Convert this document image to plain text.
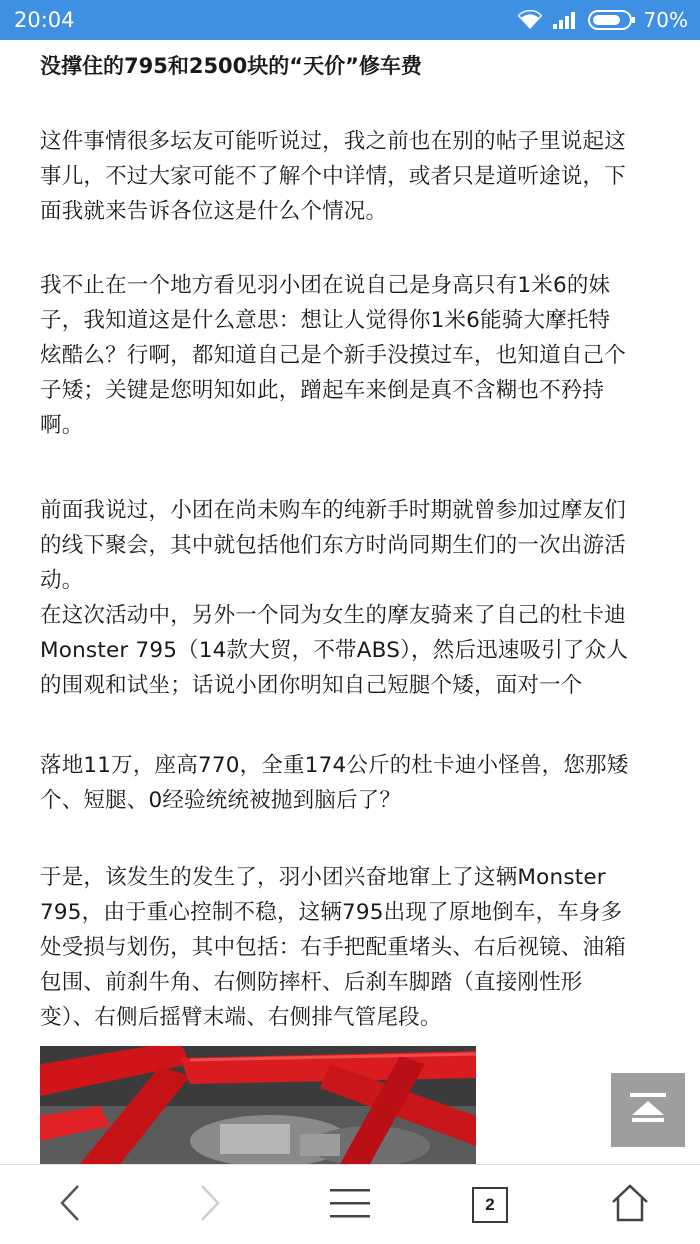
20:04	70%
没撑住的795和2500块的“天价”修车费
这件事情很多坛友可能听说过，我之前也在别的帖子里说起这
事儿，不过大家可能不了解个中详情，或者只是道听途说，下
面我就来告诉各位这是什么个情况。
我不止在一个地方看见羽小团在说自己是身高只有1米6的妹
子，我知道这是什么意思：想让人觉得你1米6能骑大摩托特
炫酷么？行啊，都知道自己是个新手没摸过车，也知道自己个
子矮；关键是您明知如此，蹭起车来倒是真不含糊也不矜持
啊。
前面我说过，小团在尚未购车的纯新手时期就曾参加过摩友们
的线下聚会，其中就包括他们东方时尚同期生们的一次出游活
动。
在这次活动中，另外一个同为女生的摩友骑来了自己的杜卡迪
Monster 795（14款大贸，不带ABS），然后迅速吸引了众人
的围观和试坐；话说小团你明知自己短腿个矮，面对一个
落地11万，座高770，全重174公斤的杜卡迪小怪兽，您那矮
个、短腿、0经验统统被抛到脑后了？
于是，该发生的发生了，羽小团兴奋地窜上了这辆Monster
795，由于重心控制不稳，这辆795出现了原地倒车，车身多
处受损与划伤，其中包括：右手把配重堵头、右后视镜、油箱
包围、前刹牛角、右侧防摔杆、后刹车脚踏（直接刚性形
变）、右侧后摇臂末端、右侧排气管尾段。
2
